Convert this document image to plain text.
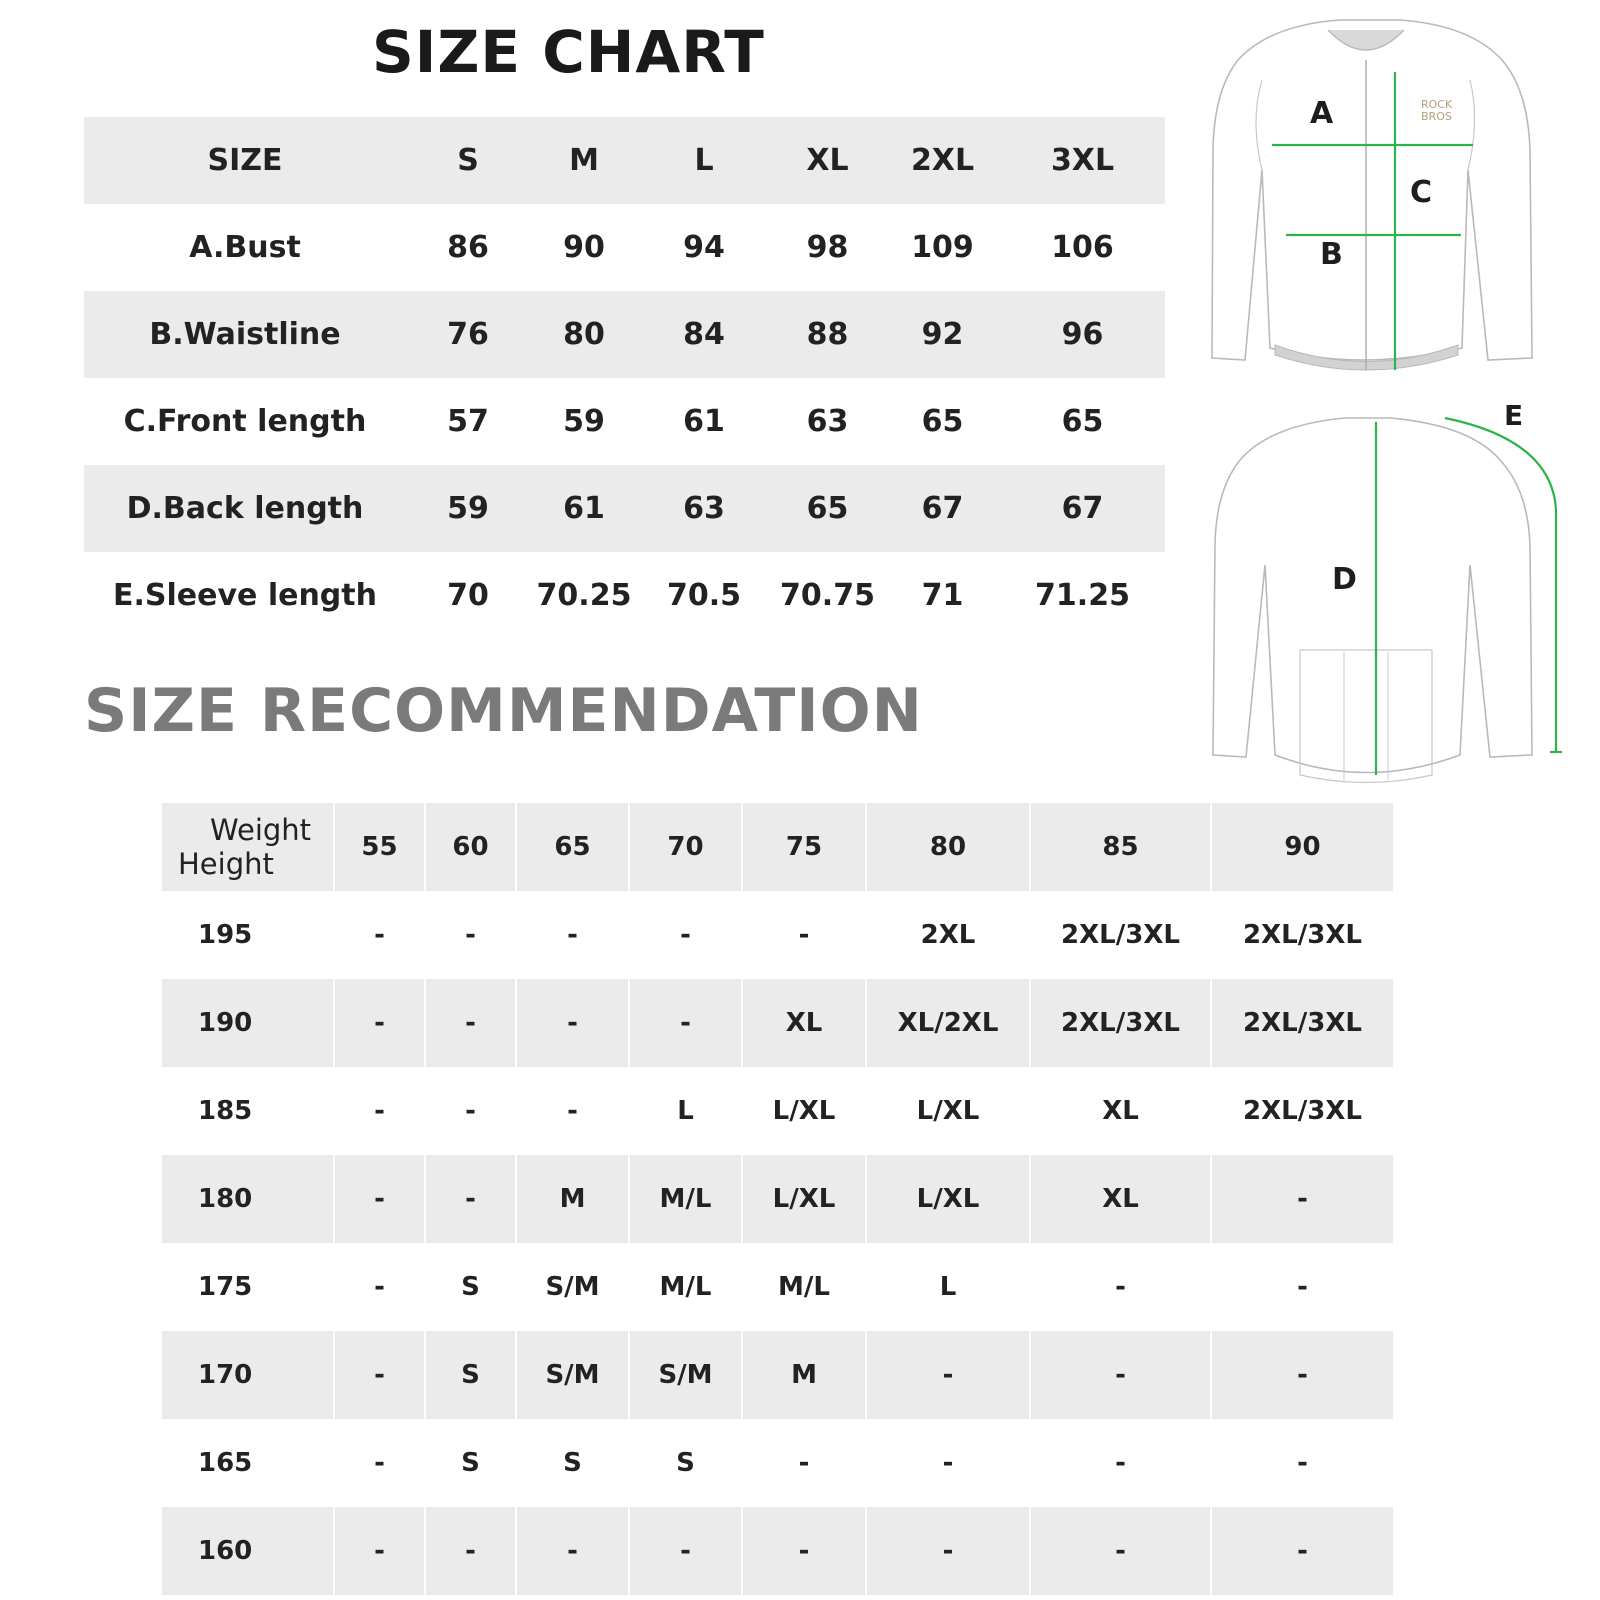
SIZE CHART
SIZE	S	M	L	XL	2XL	3XL
A.Bust	86	90	94	98	109	106
B.Waistline	76	80	84	88	92	96
C.Front length	57	59	61	63	65	65
D.Back length	59	61	63	65	67	67
E.Sleeve length	70	70.25	70.5	70.75	71	71.25
SIZE RECOMMENDATION
Weight
Height	55	60	65	70	75	80	85	90
195	-	-	-	-	-	2XL	2XL/3XL	2XL/3XL
190	-	-	-	-	XL	XL/2XL	2XL/3XL	2XL/3XL
185	-	-	-	L	L/XL	L/XL	XL	2XL/3XL
180	-	-	M	M/L	L/XL	L/XL	XL	-
175	-	S	S/M	M/L	M/L	L	-	-
170	-	S	S/M	S/M	M	-	-	-
165	-	S	S	S	-	-	-	-
160	-	-	-	-	-	-	-	-
ROCK
BROS
A
B
C
D
E
